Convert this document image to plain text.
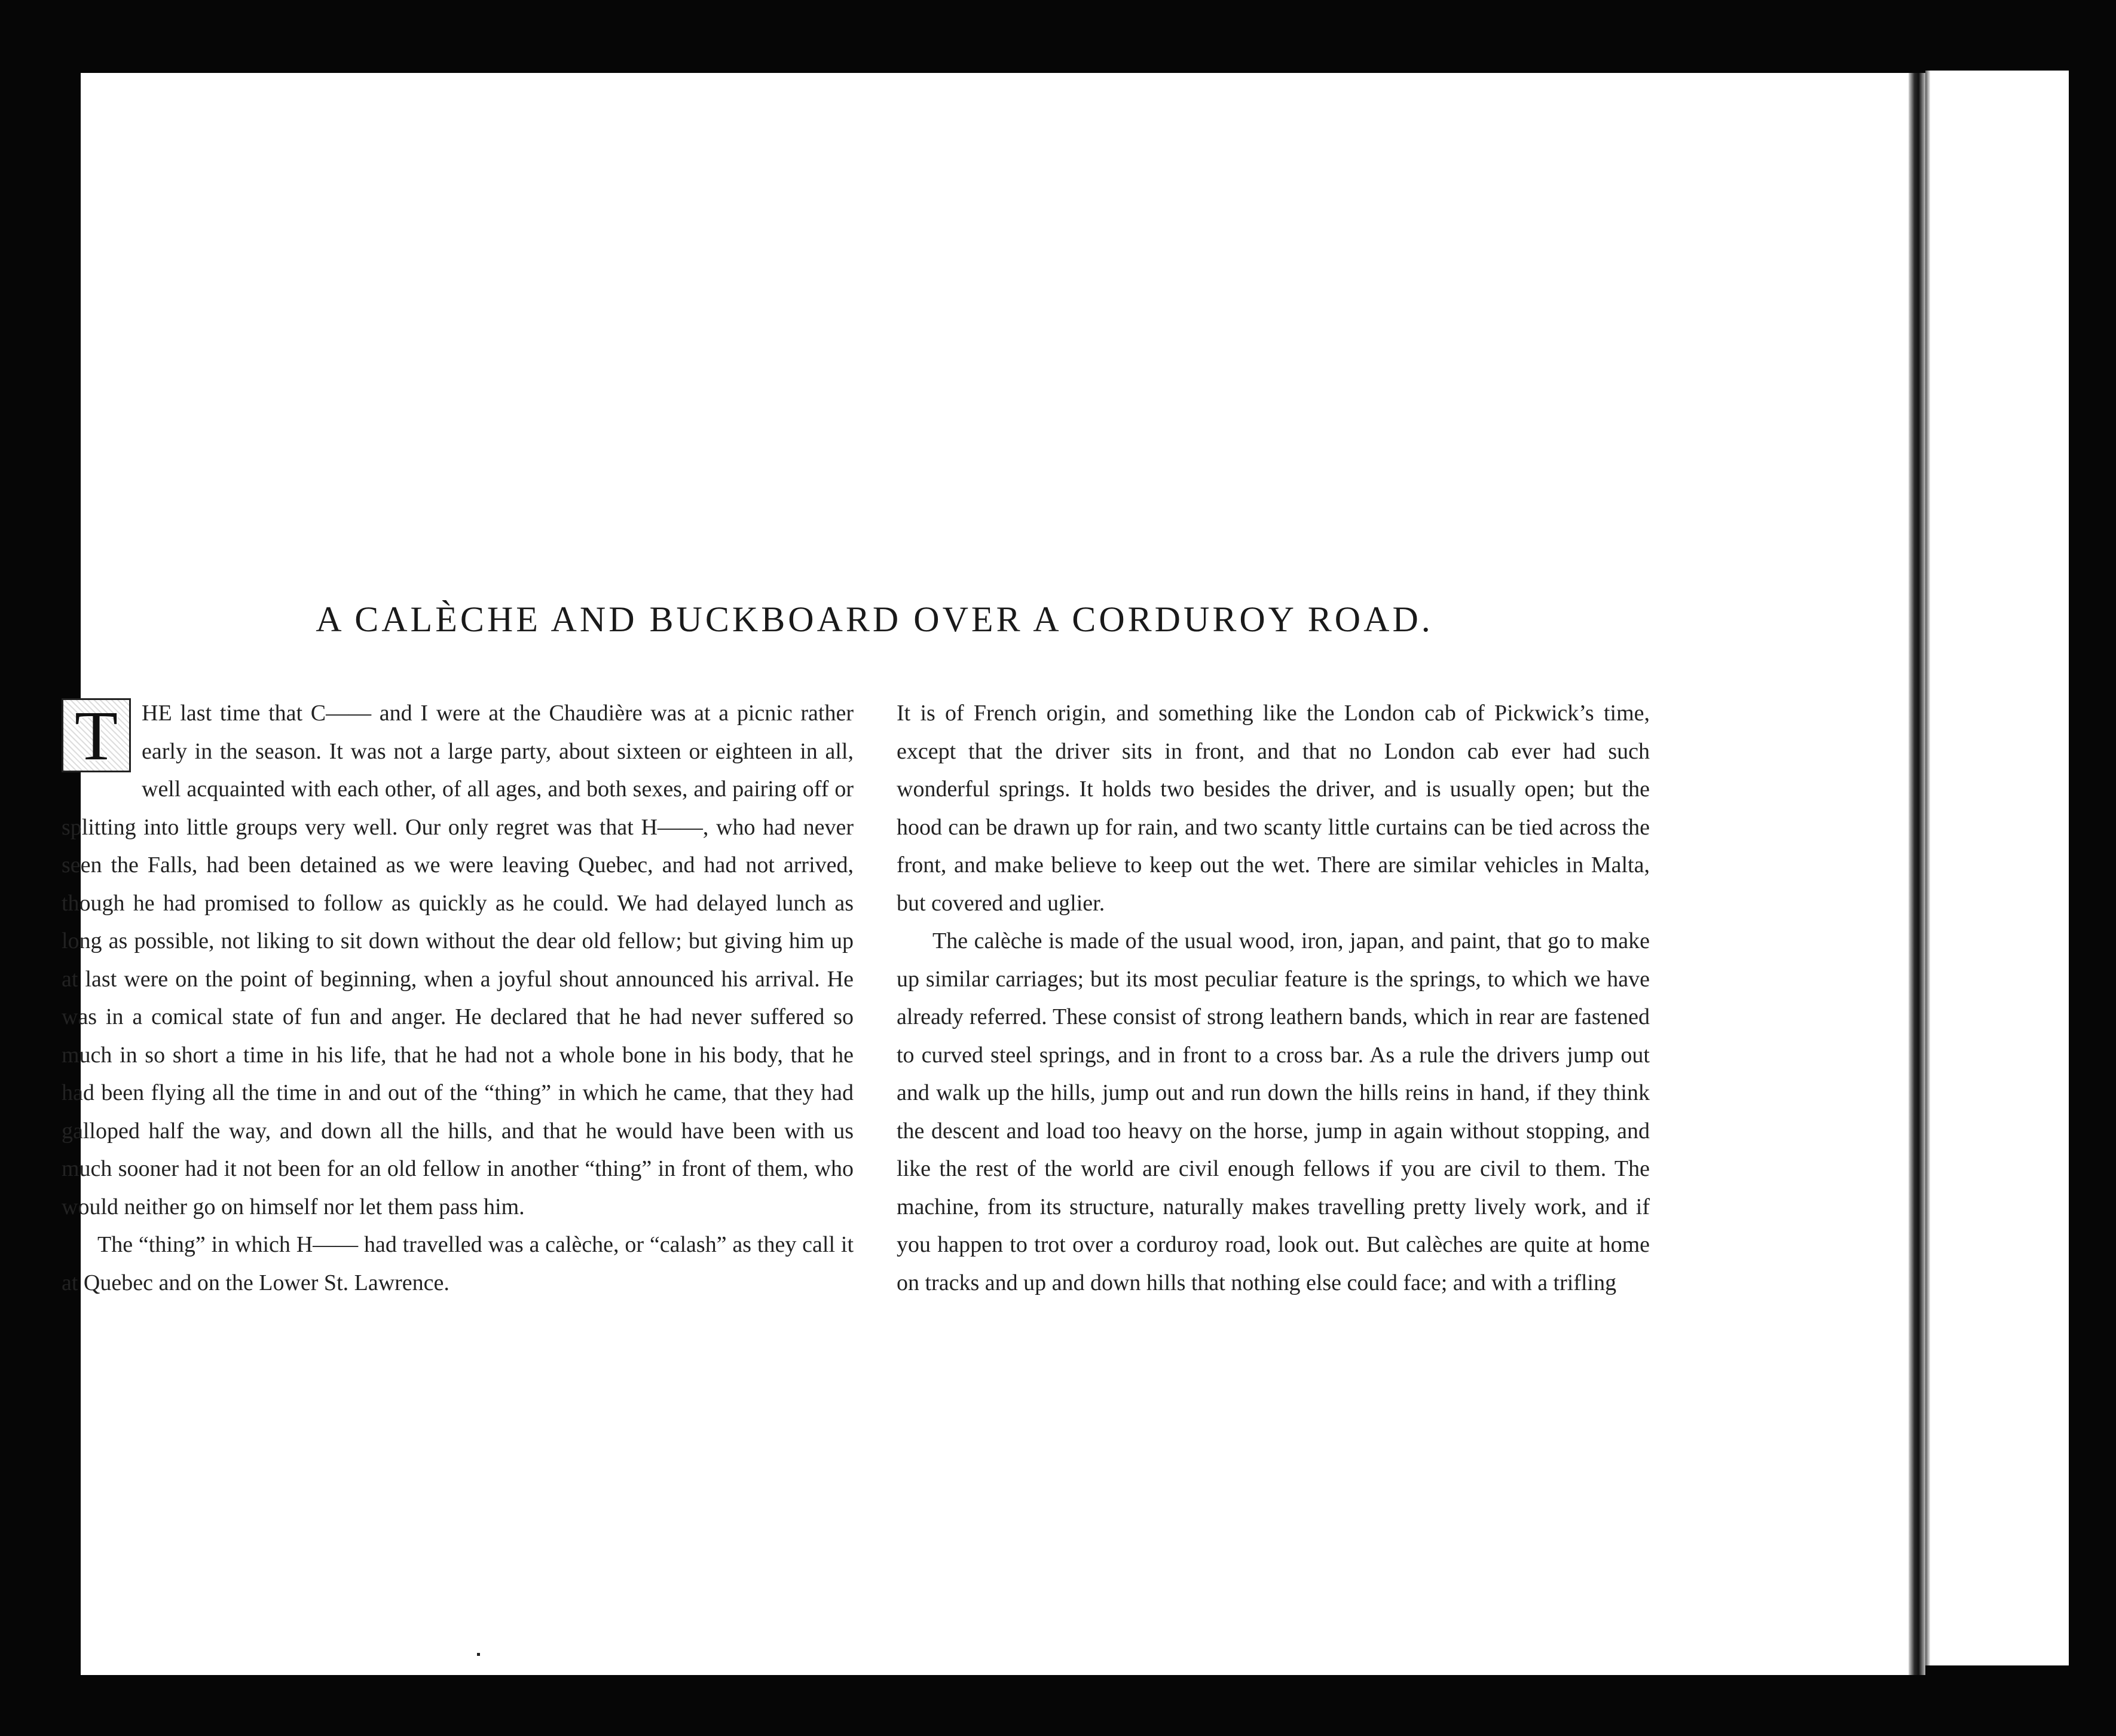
A CALÈCHE AND BUCKBOARD OVER A CORDUROY ROAD.
T	HE last time that C—— and I were at the Chaudière was at a picnic rather early in the season. It was not a large party, about sixteen or eighteen in all, well acquainted with each other, of all ages, and both sexes, and pairing off or splitting into little groups very well. Our only regret was that H——, who had never seen the Falls, had been detained as we were leaving Quebec, and had not arrived, though he had promised to follow as quickly as he could. We had delayed lunch as long as possible, not liking to sit down without the dear old fellow; but giving him up at last were on the point of beginning, when a joyful shout announced his arrival. He was in a comical state of fun and anger. He declared that he had never suffered so much in so short a time in his life, that he had not a whole bone in his body, that he had been flying all the time in and out of the “thing” in which he came, that they had galloped half the way, and down all the hills, and that he would have been with us much sooner had it not been for an old fellow in another “thing” in front of them, who would neither go on himself nor let them pass him.

The “thing” in which H—— had travelled was a calèche, or “calash” as they call it at Quebec and on the Lower St. Lawrence.

It is of French origin, and something like the London cab of Pickwick’s time, except that the driver sits in front, and that no London cab ever had such wonderful springs. It holds two besides the driver, and is usually open; but the hood can be drawn up for rain, and two scanty little curtains can be tied across the front, and make believe to keep out the wet. There are similar vehicles in Malta, but covered and uglier.

The calèche is made of the usual wood, iron, japan, and paint, that go to make up similar carriages; but its most peculiar feature is the springs, to which we have already referred. These consist of strong leathern bands, which in rear are fastened to curved steel springs, and in front to a cross bar. As a rule the drivers jump out and walk up the hills, jump out and run down the hills reins in hand, if they think the descent and load too heavy on the horse, jump in again without stopping, and like the rest of the world are civil enough fellows if you are civil to them. The machine, from its structure, naturally makes travelling pretty lively work, and if you happen to trot over a corduroy road, look out. But calèches are quite at home on tracks and up and down hills that nothing else could face; and with a trifling
